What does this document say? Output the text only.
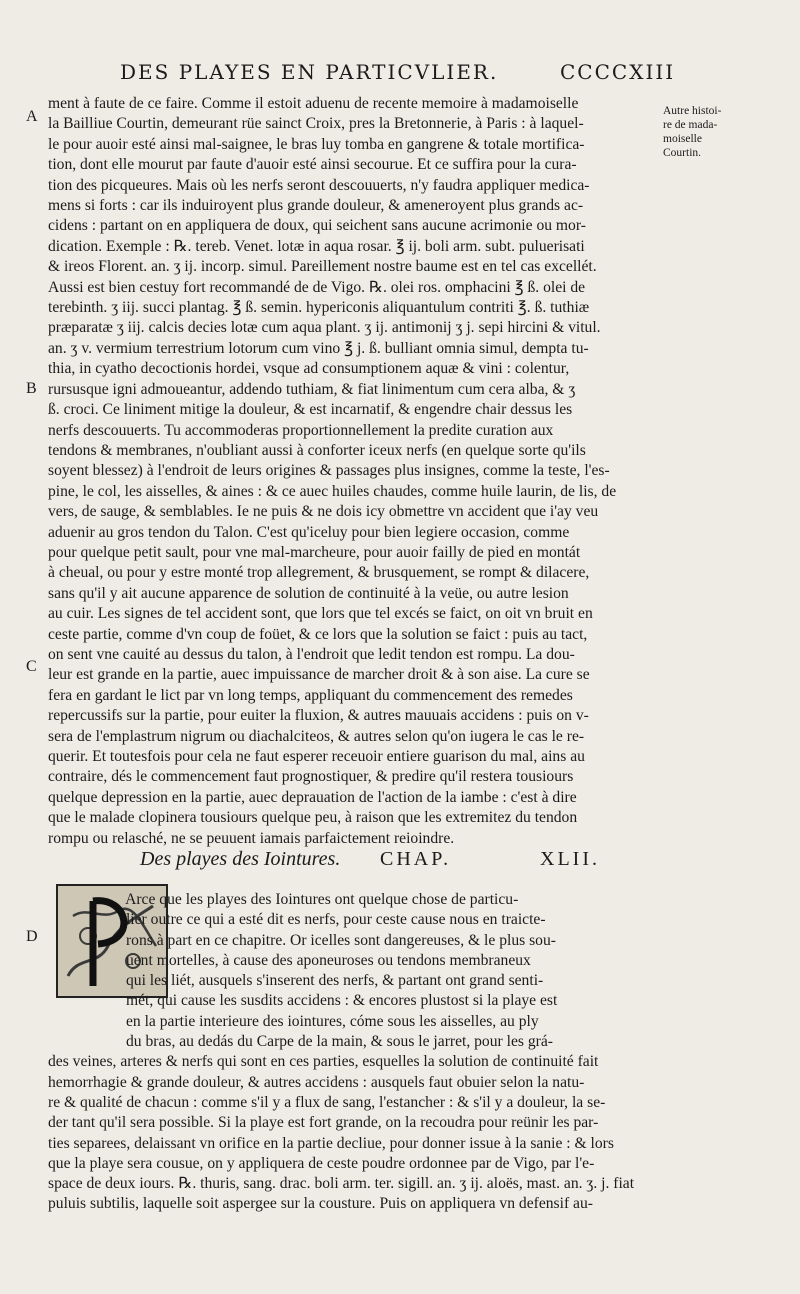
DES PLAYES EN PARTICVLIER.	CCCCXIII
A
B
C
D
Autre histoi-
re de mada-
moiselle
Courtin.
ment à faute de ce faire. Comme il estoit aduenu de recente memoire à madamoiselle
la Bailliue Courtin, demeurant rüe sainct Croix, pres la Bretonnerie, à Paris : à laquel-
le pour auoir esté ainsi mal-saignee, le bras luy tomba en gangrene & totale mortifica-
tion, dont elle mourut par faute d'auoir esté ainsi secourue. Et ce suffira pour la cura-
tion des picqueures. Mais où les nerfs seront descouuerts, n'y faudra appliquer medica-
mens si forts : car ils induiroyent plus grande douleur, & ameneroyent plus grands ac-
cidens : partant on en appliquera de doux, qui seichent sans aucune acrimonie ou mor-
dication. Exemple : ℞. tereb. Venet. lotæ in aqua rosar. ℥ ij. boli arm. subt. puluerisati
& ireos Florent. an. ʒ ij. incorp. simul. Pareillement nostre baume est en tel cas excellét.
Aussi est bien cestuy fort recommandé de de Vigo. ℞. olei ros. omphacini ℥ ß. olei de
terebinth. ʒ iij. succi plantag. ℥ ß. semin. hypericonis aliquantulum contriti ℥. ß. tuthiæ
præparatæ ʒ iij. calcis decies lotæ cum aqua plant. ʒ ij. antimonij ʒ j. sepi hircini & vitul.
an. ʒ v. vermium terrestrium lotorum cum vino ℥ j. ß. bulliant omnia simul, dempta tu-
thia, in cyatho decoctionis hordei, vsque ad consumptionem aquæ & vini : colentur,
rursusque igni admoueantur, addendo tuthiam, & fiat linimentum cum cera alba, & ʒ
ß. croci. Ce liniment mitige la douleur, & est incarnatif, & engendre chair dessus les
nerfs descouuerts. Tu accommoderas proportionnellement la predite curation aux
tendons & membranes, n'oubliant aussi à conforter iceux nerfs (en quelque sorte qu'ils
soyent blessez) à l'endroit de leurs origines & passages plus insignes, comme la teste, l'es-
pine, le col, les aisselles, & aines : & ce auec huiles chaudes, comme huile laurin, de lis, de
vers, de sauge, & semblables. Ie ne puis & ne dois icy obmettre vn accident que i'ay veu
aduenir au gros tendon du Talon. C'est qu'iceluy pour bien legiere occasion, comme
pour quelque petit sault, pour vne mal-marcheure, pour auoir failly de pied en montát
à cheual, ou pour y estre monté trop allegrement, & brusquement, se rompt & dilacere,
sans qu'il y ait aucune apparence de solution de continuité à la veüe, ou autre lesion
au cuir. Les signes de tel accident sont, que lors que tel excés se faict, on oit vn bruit en
ceste partie, comme d'vn coup de foüet, & ce lors que la solution se faict : puis au tact,
on sent vne cauité au dessus du talon, à l'endroit que ledit tendon est rompu. La dou-
leur est grande en la partie, auec impuissance de marcher droit & à son aise. La cure se
fera en gardant le lict par vn long temps, appliquant du commencement des remedes
repercussifs sur la partie, pour euiter la fluxion, & autres mauuais accidens : puis on v-
sera de l'emplastrum nigrum ou diachalciteos, & autres selon qu'on iugera le cas le re-
querir. Et toutesfois pour cela ne faut esperer receuoir entiere guarison du mal, ains au
contraire, dés le commencement faut prognostiquer, & predire qu'il restera tousiours
quelque depression en la partie, auec deprauation de l'action de la iambe : c'est à dire
que le malade clopinera tousiours quelque peu, à raison que les extremitez du tendon
rompu ou relasché, ne se peuuent iamais parfaictement reioindre.
Des playes des Iointures. CHAP.	XLII.
Arce que les playes des Iointures ont quelque chose de particu-
lier outre ce qui a esté dit es nerfs, pour ceste cause nous en traicte-
rons à part en ce chapitre. Or icelles sont dangereuses, & le plus sou-
uent mortelles, à cause des aponeuroses ou tendons membraneux
qui les liét, ausquels s'inserent des nerfs, & partant ont grand senti-
mét, qui cause les susdits accidens : & encores plustost si la playe est
en la partie interieure des iointures, cóme sous les aisselles, au ply
du bras, au dedás du Carpe de la main, & sous le jarret, pour les grá-
des veines, arteres & nerfs qui sont en ces parties, esquelles la solution de continuité fait
hemorrhagie & grande douleur, & autres accidens : ausquels faut obuier selon la natu-
re & qualité de chacun : comme s'il y a flux de sang, l'estancher : & s'il y a douleur, la se-
der tant qu'il sera possible. Si la playe est fort grande, on la recoudra pour reünir les par-
ties separees, delaissant vn orifice en la partie decliue, pour donner issue à la sanie : & lors
que la playe sera cousue, on y appliquera de ceste poudre ordonnee par de Vigo, par l'e-
space de deux iours. ℞. thuris, sang. drac. boli arm. ter. sigill. an. ʒ ij. aloës, mast. an. ʒ. j. fiat
puluis subtilis, laquelle soit aspergee sur la cousture. Puis on appliquera vn defensif au-
